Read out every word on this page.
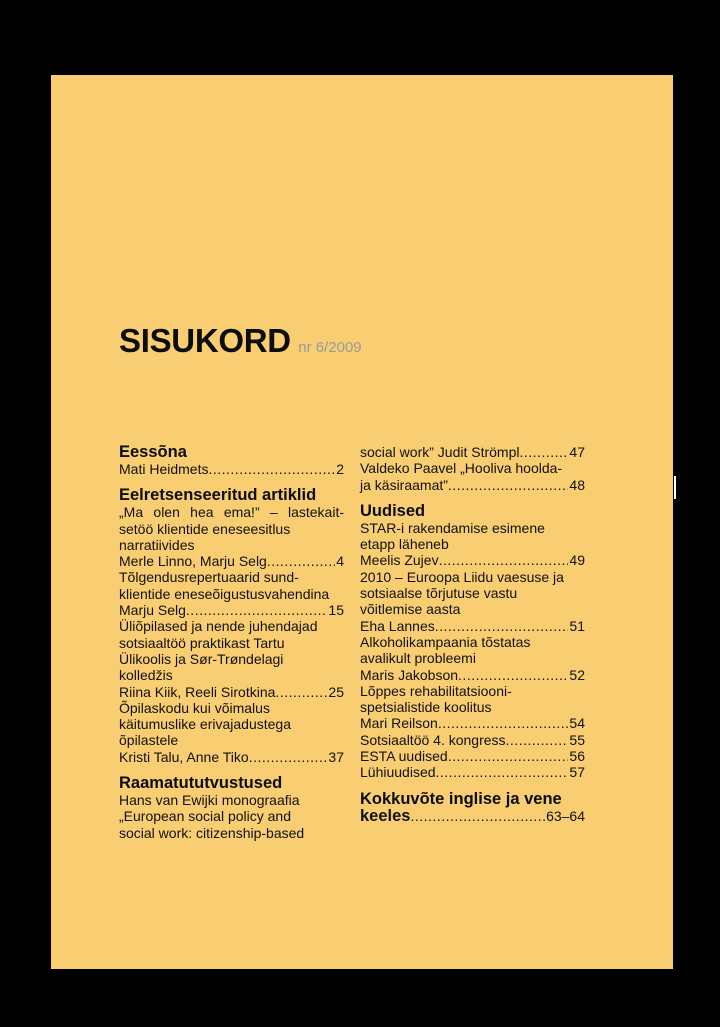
SISUKORD nr 6/2009
Eessõna
Mati Heidmets .....	2
Eelretsenseeritud artiklid
„Ma olen hea ema!” – lastekait-
setöö klientide eneseesitlus
narratiivides
Merle Linno, Marju Selg .....	4
Tõlgendusrepertuaarid sund-
klientide eneseõigustusvahendina
Marju Selg .....	15
Üliõpilased ja nende juhendajad
sotsiaaltöö praktikast Tartu
Ülikoolis ja Sør-Trøndelagi
kolledžis
Riina Kiik, Reeli Sirotkina .....	25
Õpilaskodu kui võimalus
käitumuslike erivajadustega
õpilastele
Kristi Talu, Anne Tiko .....	37
Raamatututvustused
Hans van Ewijki monograafia
„European social policy and
social work: citizenship-based
social work” Judit Strömpl .....	47
Valdeko Paavel „Hooliva hoolda-
ja käsiraamat” .....	48
Uudised
STAR-i rakendamise esimene
etapp läheneb
Meelis Zujev .....	49
2010 – Euroopa Liidu vaesuse ja
sotsiaalse tõrjutuse vastu
võitlemise aasta
Eha Lannes .....	51
Alkoholikampaania tõstatas
avalikult probleemi
Maris Jakobson .....	52
Lõppes rehabilitatsiooni-
spetsialistide koolitus
Mari Reilson .....	54
Sotsiaaltöö 4. kongress .....	55
ESTA uudised .....	56
Lühiuudised .....	57
Kokkuvõte inglise ja vene
keeles .....	63–64
